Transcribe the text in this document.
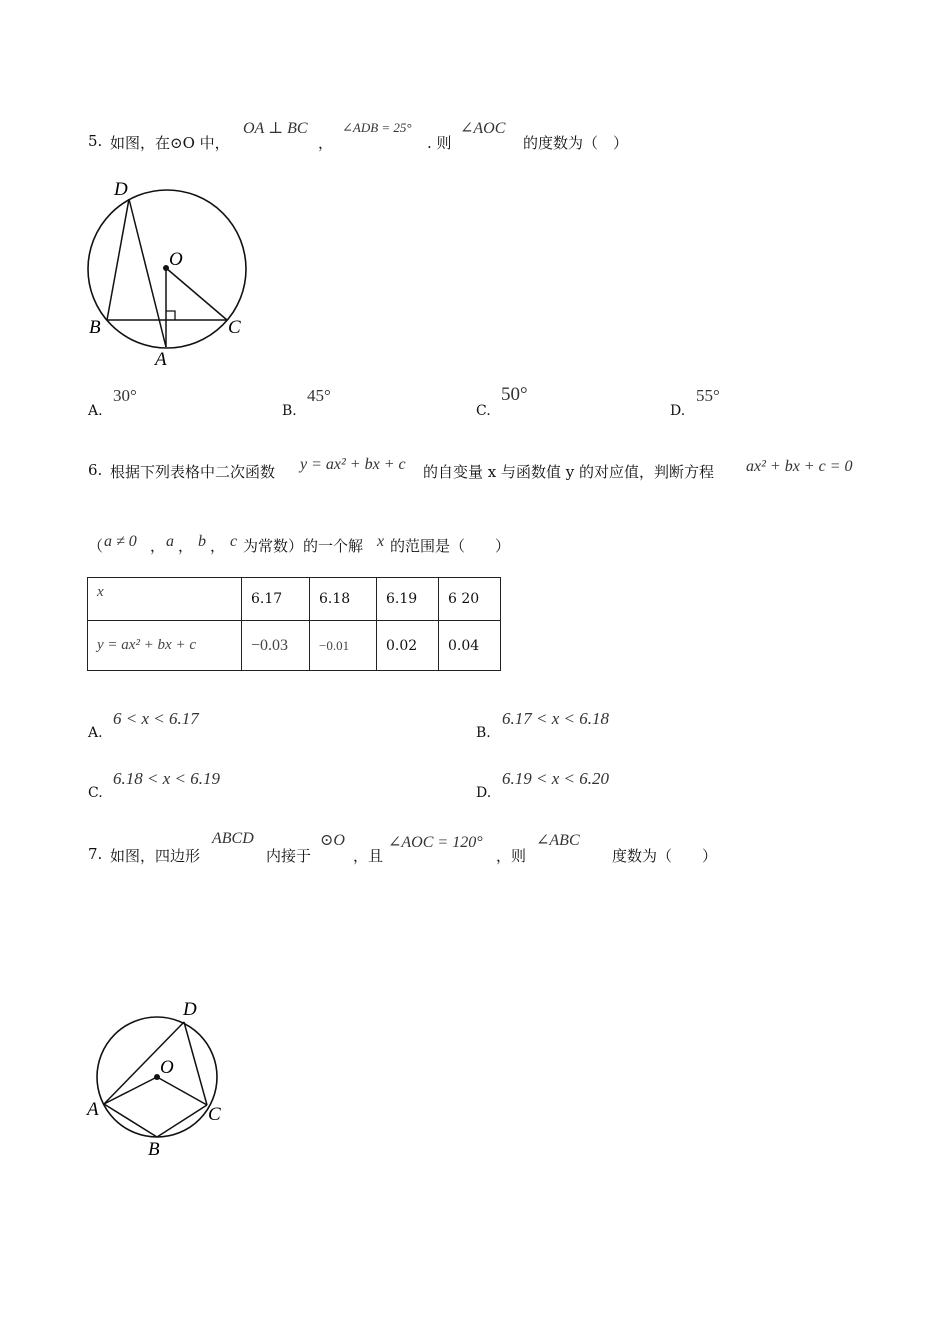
5. 如图，在⊙O 中，
OA ⊥ BC
，
∠ADB = 25°
. 则
∠AOC
的度数为（　）
D
O
B	C
A
A.
30°
B.
45°
C.
50°
D.
55°
6. 根据下列表格中二次函数 y = ax² + bx + c 的自变量 x 与函数值 y 的对应值，判断方程 ax² + bx + c = 0
（ a ≠ 0 ， a ， b ， c 为常数）的一个解 x 的范围是（　　）
x	6.17	6.18	6.19	6 20
y = ax² + bx + c	−0.03	−0.01	0.02	0.04
A.
6 < x < 6.17
B.
6.17 < x < 6.18
C.
6.18 < x < 6.19
D.
6.19 < x < 6.20
7. 如图，四边形
ABCD
内接于
⊙O
，且
∠AOC = 120°
，则
∠ABC
度数为（　　）
D
O
A	C
B
